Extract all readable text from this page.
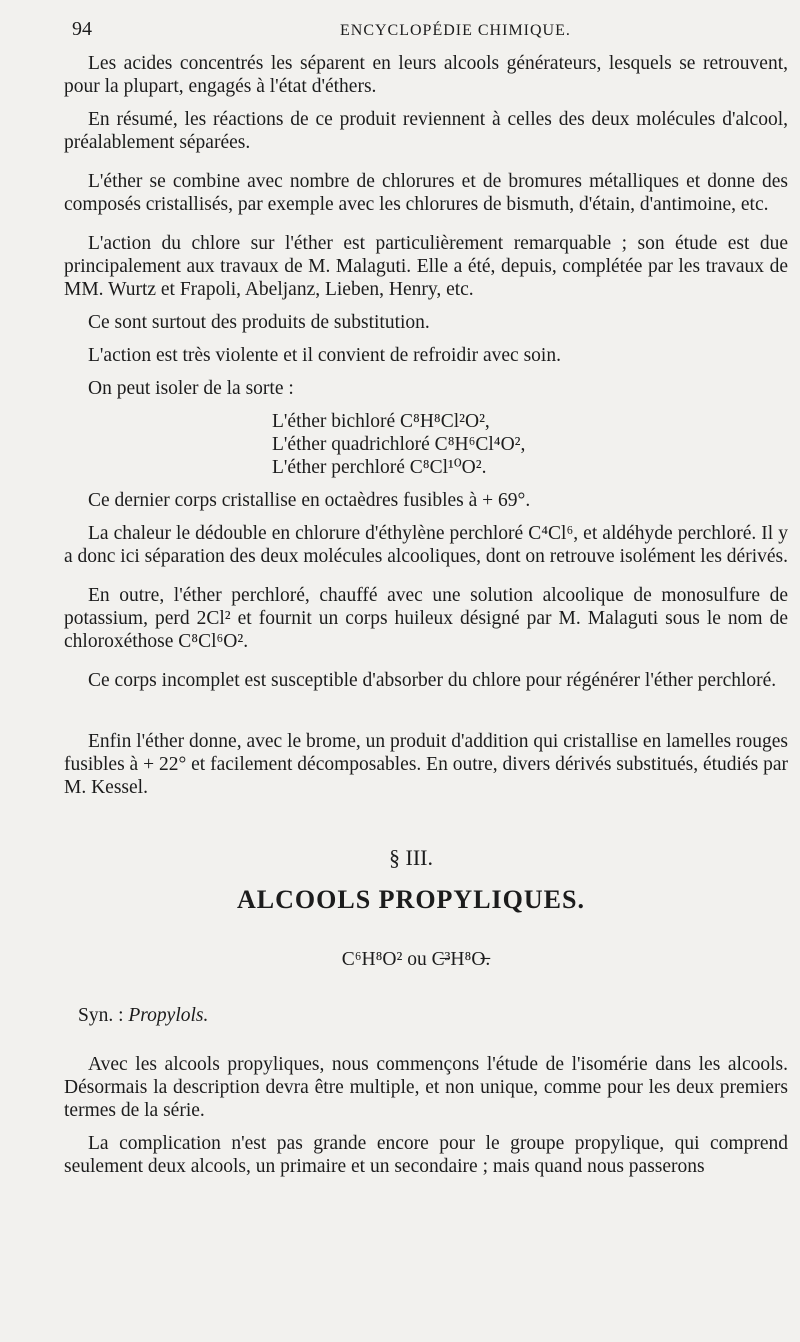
94	ENCYCLOPÉDIE CHIMIQUE.

Les acides concentrés les séparent en leurs alcools générateurs, lesquels se retrouvent, pour la plupart, engagés à l'état d'éthers.

En résumé, les réactions de ce produit reviennent à celles des deux molécules d'alcool, préalablement séparées.

L'éther se combine avec nombre de chlorures et de bromures métalliques et donne des composés cristallisés, par exemple avec les chlorures de bismuth, d'étain, d'antimoine, etc.

L'action du chlore sur l'éther est particulièrement remarquable ; son étude est due principalement aux travaux de M. Malaguti. Elle a été, depuis, complétée par les travaux de MM. Wurtz et Frapoli, Abeljanz, Lieben, Henry, etc.

Ce sont surtout des produits de substitution.

L'action est très violente et il convient de refroidir avec soin.

On peut isoler de la sorte :

L'éther bichloré C⁸H⁸Cl²O²,
L'éther quadrichloré C⁸H⁶Cl⁴O²,
L'éther perchloré C⁸Cl¹⁰O².

Ce dernier corps cristallise en octaèdres fusibles à + 69°.

La chaleur le dédouble en chlorure d'éthylène perchloré C⁴Cl⁶, et aldéhyde perchloré. Il y a donc ici séparation des deux molécules alcooliques, dont on retrouve isolément les dérivés.

En outre, l'éther perchloré, chauffé avec une solution alcoolique de monosulfure de potassium, perd 2Cl² et fournit un corps huileux désigné par M. Malaguti sous le nom de chloroxéthose C⁸Cl⁶O².

Ce corps incomplet est susceptible d'absorber du chlore pour régénérer l'éther perchloré.

Enfin l'éther donne, avec le brome, un produit d'addition qui cristallise en lamelles rouges fusibles à + 22° et facilement décomposables. En outre, divers dérivés substitués, étudiés par M. Kessel.

§ III.
ALCOOLS PROPYLIQUES.
C⁶H⁸O² ou C̶³H⁸O̶.
Syn. : Propylols.

Avec les alcools propyliques, nous commençons l'étude de l'isomérie dans les alcools. Désormais la description devra être multiple, et non unique, comme pour les deux premiers termes de la série.

La complication n'est pas grande encore pour le groupe propylique, qui comprend seulement deux alcools, un primaire et un secondaire ; mais quand nous passerons
